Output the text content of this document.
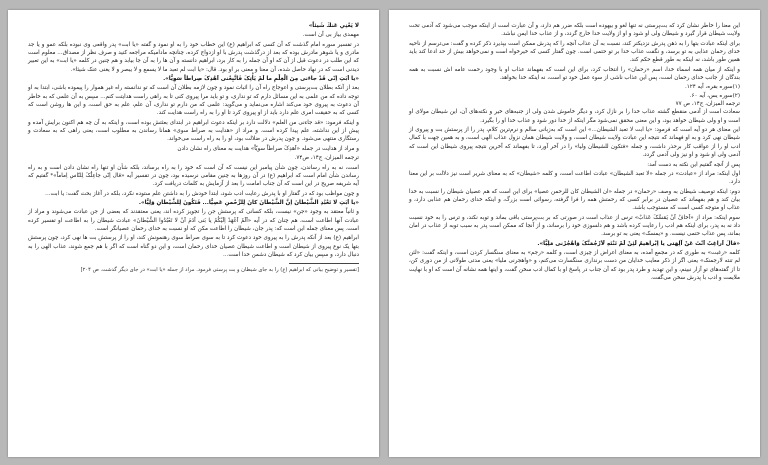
لا يَعْنِي عَنكَ شَيئاً»

مهمدی بیاز بی آن است.

در تفسیر سوره امام گذشت که آن کسی که ابراهیم (ع) این خطاب خود را به او نمود و گفته «یا ابت» پدر واقعی وی نبوده بلکه عمو و یا جد مادری و یا شوهر مادرش بوده که بعد از درگذشت پدرش با او ازدواج کرده، چنانچه مادامیکه مراجعه کنید و صرف نظر از مصداق... معلوم است که این طلب در دعوت قبل از آن که او آن جمله را به کار برد، ابراهیم دانسته و آن ها را به آن جا بیابد و هم چنین در کلمه «یا ابت» به این تعبیر دیدنی است که در نهاد حاصل شده، آن معنا و معنی بر او بود. قال: «یا ابت لم تعبد ما لا یسمع و لا یبصر و لا یغنی عنک شیئا».

«یا اَبَتِ اِنّی قَدْ جاءَنی مِنَ الْعِلْمِ ما لَمْ یَأْتِکَ فَاتَّبِعْنی اَهْدِکَ صِراطاً سَوِیًّا».

بعد از آنکه بطلان بت‌پرستی و اعوجاج راه آن را اثبات نمود و چون لازمه بطلان آن است که تو ندانسته راه غیر هموار را پیموده باشی، ابتدا به او توجه داده که من علمی به این مسائل دارم که تو نداری، و تو باید مرا پیروی کنی تا به راهی راست هدایتت کنم... سپس به آن علمی که به خاطر آن دعوت به پیروی خود می‌کند اشاره می‌نماید و می‌گوید: علمی که من دارم تو نداری، آن علم، علم به حق است، و این ها روشن است که کسی که به حقیقت امری علم دارد باید از او پیروی کرد تا او را به راه راست هدایت کند.

و اینکه فرمود: «قد جاءنی من العلم» دلالت دارد بر اینکه دعوت ابراهیم در ابتدای بعثتش بوده است، و اینکه به آن چه هم اکنون برایش آمده و پیش از این نداشته، علم پیدا کرده است. و مراد از «هدایت به صراط سوی» همانا رساندن به مطلوب است، یعنی راهی که به سعادت و رستگاری منتهی می‌شود. و چون پدرش در ضلالت بود، او را به راه راست می‌خواند.

و مراد از هدایت در جمله «اَهدِکَ صراطاً سویّاً» هدایت به معنای راه نشان دادن

ترجمه المیزان، ج۱۴، ص۷۴.

است، نه به راه رساندن، چون شأن پیامبر این نیست که آن است که خود را به راه برساند، بلکه شأن او تنها راه نشان دادن است و به راه رساندن شأن امام است که ابراهیم (ع) در آن روزها به چنین مقامی نرسیده بود، چون در تفسیر آیه «قال اِنّی جاعِلُکَ لِلنّاسِ اِماماً»* گفتیم که آیه شریفه صریح در این است که آن جناب امامت را بعد از آزمایش به کلمات دریافت کرد.

و چون مواظب بود که در گفتار او با پدرش رعایت ادب شود، ابتدا خودش را به داشتن علم ستوده نکرد، بلکه در آغاز بحث گفت: یا ابت...

«یا اَبَتِ لا تَعْبُدِ الشَّیْطانَ اِنَّ الشَّیْطانَ کانَ لِلرَّحْمنِ عَصِیًّا... فَتَکُونَ لِلشَّیْطانِ وَلِیًّا».

و ثانیاً معتقد به وجود «جن» نیست، بلکه کسانی که پرستش جن را تجویز کرده اند، یعنی معتقدند که بعضی از جن عبادت می‌شوند و مراد از عبادت آنها اطاعت است، هم چنان که در آیه «اَلَمْ اَعْهَدْ اِلَیْکُمْ یا بَنی آدَمَ اَنْ لا تَعْبُدُوا الشَّیْطانَ» عبادت شیطان را به اطاعت او تفسیر کرده است. پس معنای جمله این است که: پدر جان، شیطان را اطاعت مکن که او نسبت به خدای رحمان عصیانگر است.

ابراهیم (ع) بعد از آنکه پدرش را به پیروی خود دعوت کرد تا به سوی صراط سوی رهنمونش کند، او را از پرستش بت ها نهی کرد، چون پرستش بتها یک نوع پیروی از شیطان است و اطاعت شیطان عصیان خدای رحمان است، و این دو گناه است که اگر با هم جمع شوند، عذاب الهی را به دنبال دارد، و سپس بیان کرد که شیطان دشمن خدا است...

[تفسیر و توضیح بیانی که ابراهیم (ع) را به جای شیطان و بت پرستی فرمود. مراد از جمله «یا ابت» در جای دیگر گذشت. ص ۲۰۴]

این معنا را خاطر نشان کرد که بت‌پرستی نه تنها لغو و بیهوده است بلکه ضرر هم دارد، و آن عبارت است از اینکه موجب می‌شود که آدمی تحت ولایت شیطان قرار گیرد و شیطان ولی او شود و او از ولایت خدا خارج گردد، و از عذاب خدا ایمن نباشد.

برای اینکه عبادت بتها را به ذهن پدرش نزدیکتر کند، نسبت به آن عذاب آنچه را که پدرش ممکن است بپذیرد ذکر کرده و گفت: می‌ترسم از ناحیه خدای رحمان عذابی به تو برسد، و نگفت عذاب خدا بر تو حتمی است. چون گفتار کسی که خیرخواه است و نمی‌خواهد بیش از حد ادعا کند باید همین طور باشد، نه اینکه به طور قطع حکم کند.

و اینکه از میان همه اسماء خدا، اسم «رحمان» را انتخاب کرد، برای این است که بفهماند عذاب او با وجود رحمت عامه اش نسبت به همه بندگان از جانب خدای رحمان است، پس این عذاب ناشی از سوء عمل خود تو است، نه اینکه خدا بخواهد.

(۱)سوره بقره، آیه ۱۲۴.

(۲)سوره یس، آیه ۶۰.

ترجمه المیزان، ج۱۴، ص ۷۷

سعادت است از آدمی منقطع گشته عذاب خدا را بر نازل کرد، و دیگر خاموش شدن ولی از جنبه‌های خیر و نکته‌های آن، این شیطان مولای او است و او ولی شیطان خواهد بود، و این معنی محقق نمی‌شود مگر اینکه از خدا دور شود و عذاب خدا او را بگیرد.

این معنای هر دو آیه است که فرمود: «یا ابت لا تعبد الشیطان...» این است که به‌زبانی سالم و نرم‌ترین کلام، پدر را از پرستش بت و پیروی از شیطان نهی کرد و به او فهماند که نتیجه این عبادت ولایت شیطان است، و ولایت شیطان همان نزول عذاب الهی است، و به همین جهت با کمال ادب او را از عواقب کار برحذر داشت، و جمله «فتکون للشیطان ولیا» را در آخر آورد، تا بفهماند که آخرین نتیجه پیروی شیطان این است که آدمی ولی او شود و او نیز ولی آدمی گردد.

پس از آنچه گفتیم این نکته به دست آمد:

اول اینکه: مراد از «عبادت» در جمله «لا تعبد الشیطان» عبادت اطاعت است، و کلمه «شیطان» که به معنای شریر است نیز دلالت بر این معنا دارد.

دوم: اینکه توصیف شیطان به وصف «رحمان» در جمله «ان الشیطان کان للرحمن عصیا» برای این است که هم عصیان شیطان را نسبت به خدا بیان کند و هم بفهماند که عصیان در برابر کسی که رحمتش همه را فرا گرفته، رسوائی است بزرگ، و اینکه خدای رحمان هم عذابی دارد، و عذاب او متوجه کسی است که مستوجب باشد.

سوم اینکه: مراد از «اَخافُ اَنْ یَمَسَّکَ عَذابٌ» ترس از عذاب است در صورتی که بر بت‌پرستی باقی بماند و توبه نکند، و ترس را به خود نسبت داد نه به پدر، برای اینکه هم ادب را رعایت کرده باشد و هم دلسوزی خود را برساند، و از آنجا که ممکن است پدر به سبب توبه از عذاب در امان بماند، پس عذاب حتمی نیست. و «یمسک» یعنی به تو برسد.

«قالَ اَراغِبٌ اَنْتَ عَنْ آلِهَتی یا اِبْراهیمُ لَئِنْ لَمْ تَنْتَهِ لَاَرْجُمَنَّکَ وَاهْجُرْنی مَلِیًّا».

کلمه «رغبت» به طوری که در مجمع آمده، به معنای اعراض از چیزی است، و کلمه «رجم» به معنای سنگسار کردن است، و اینکه گفت: «لئن لم تنته لارجمنک» یعنی اگر از ذکر معایب خدایان من دست برنداری سنگسارت می‌کنم، و «واهجرنی ملیا» یعنی مدتی طولانی از من دوری کن، تا از گفته‌های تو آزار نبینم، و این تهدید و طرد پدر بود که آن جناب در پاسخ او با کمال ادب سخن گفت، و اینها همه نشانه آن است که او با نهایت ملایمت و ادب با پدرش سخن می‌گفت.
